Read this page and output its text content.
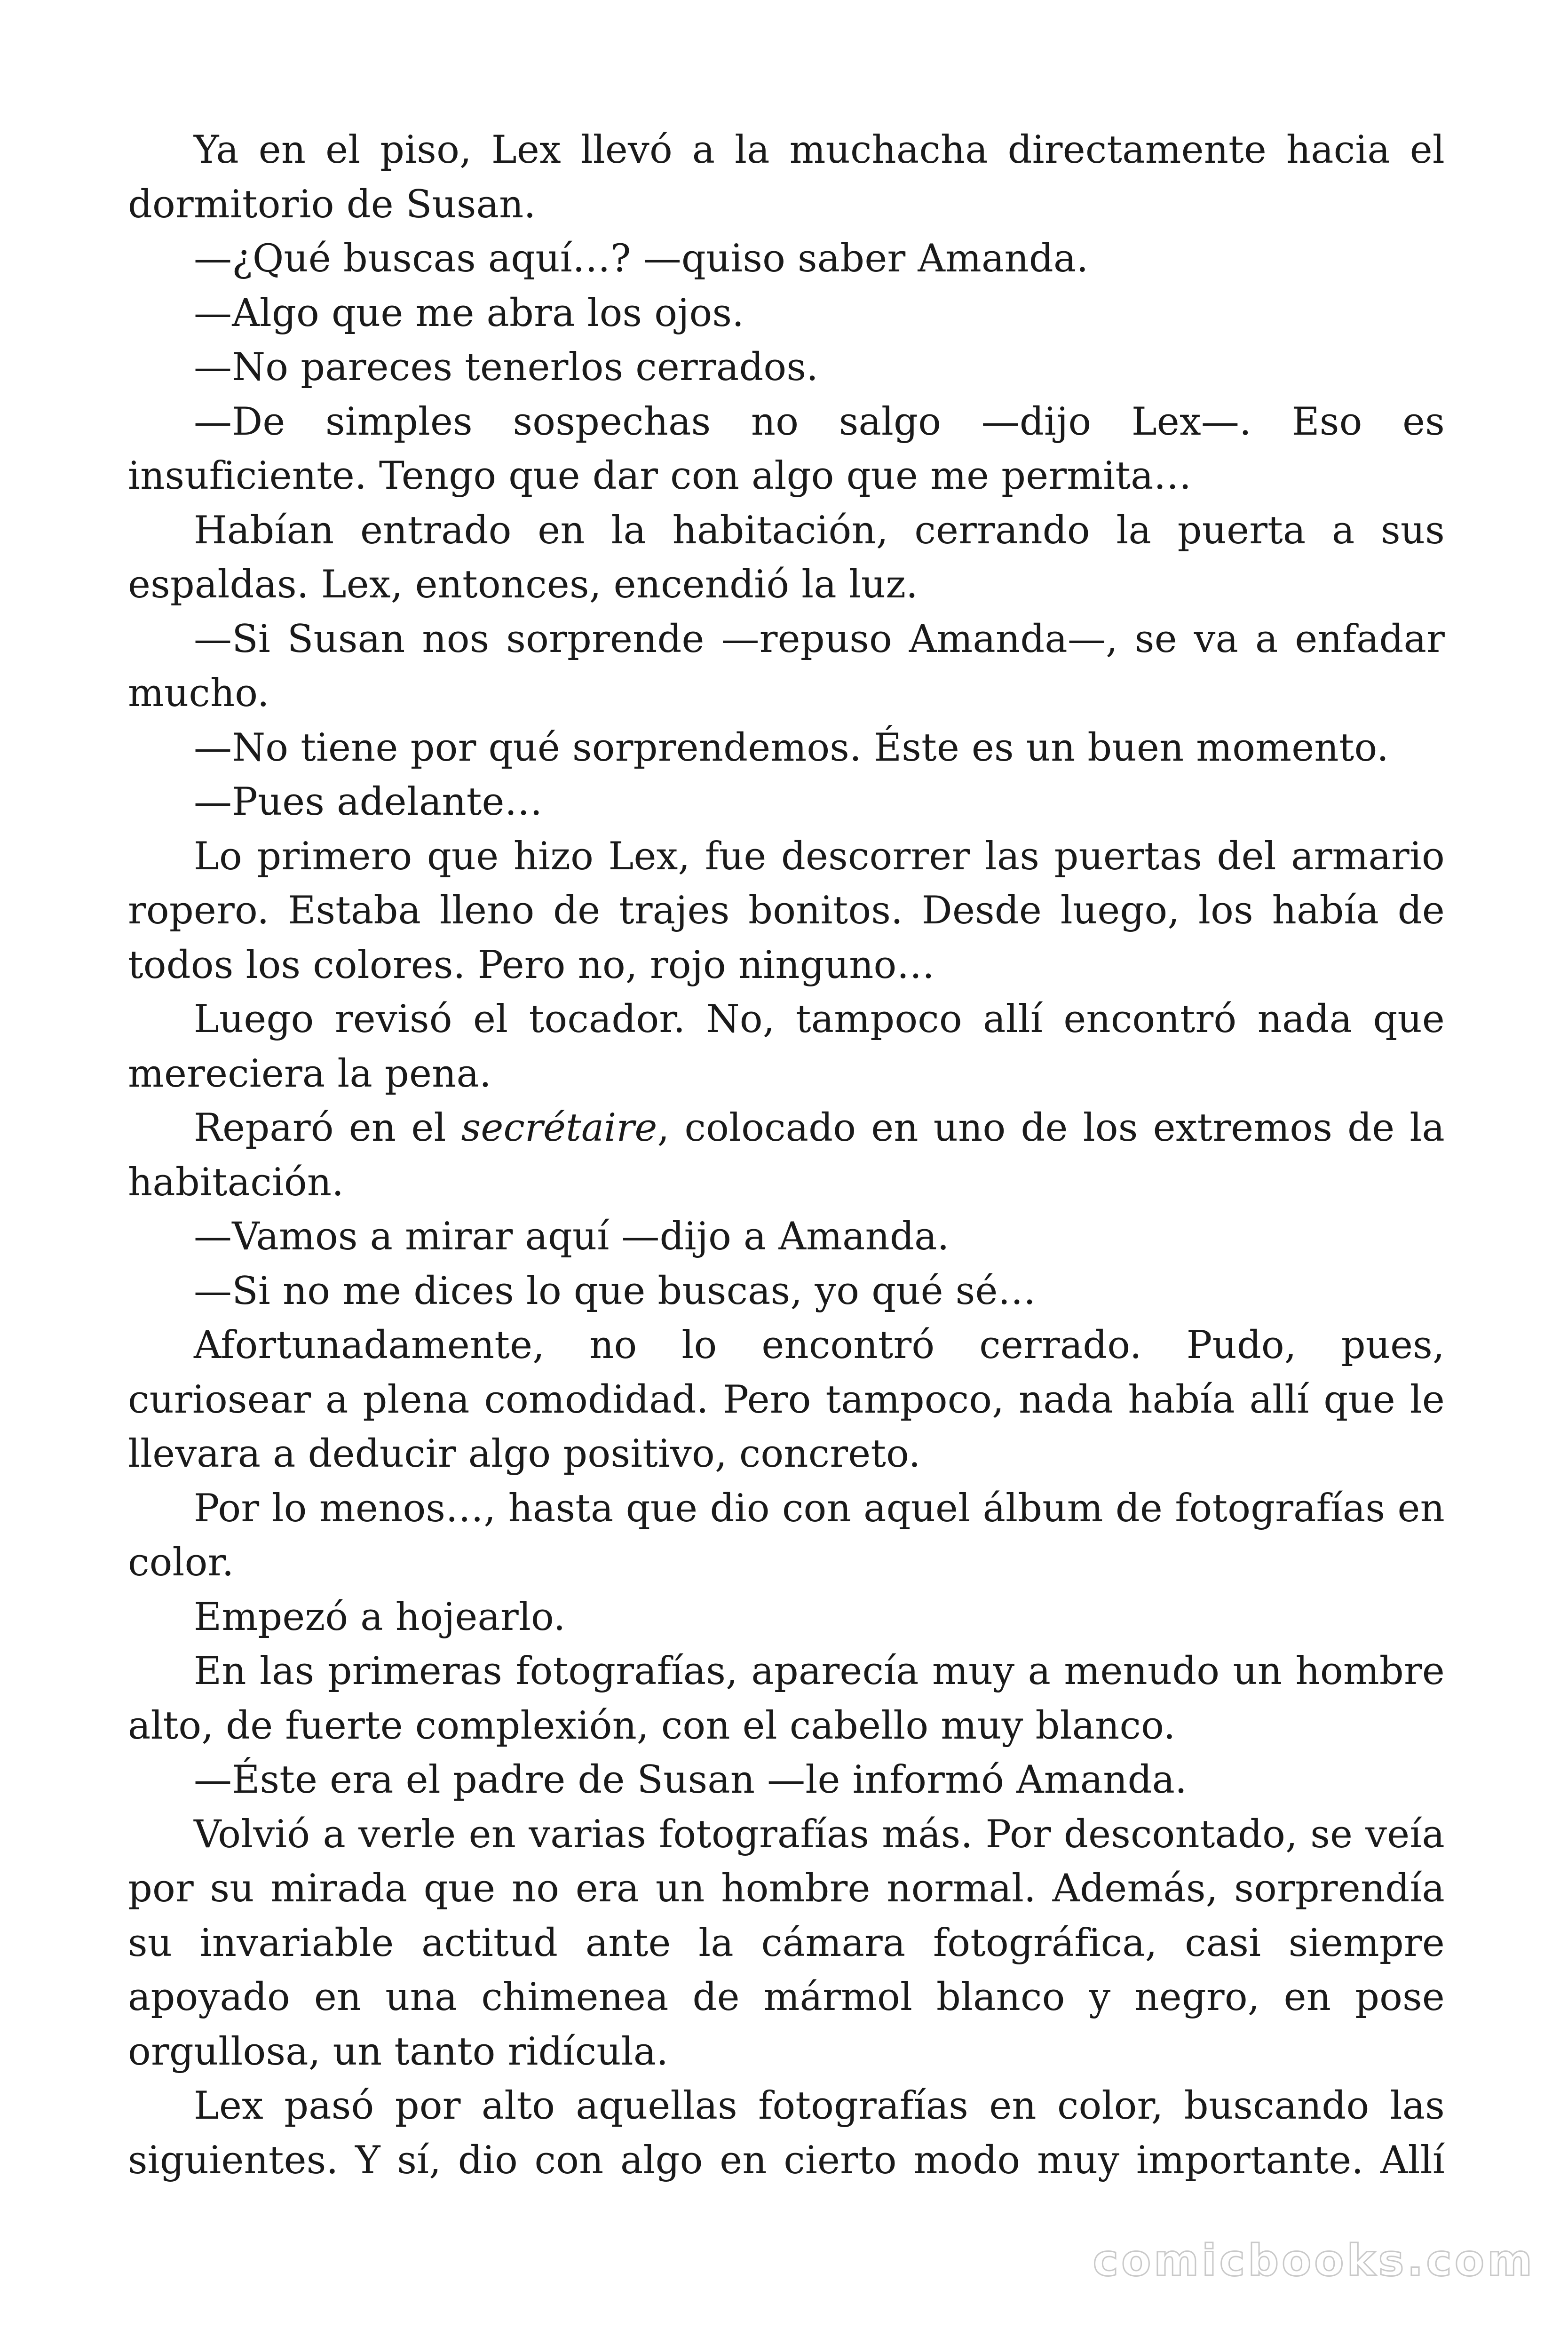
Ya en el piso, Lex llevó a la muchacha directamente hacia el dormitorio de Susan.

—¿Qué buscas aquí…? —quiso saber Amanda.

—Algo que me abra los ojos.

—No pareces tenerlos cerrados.

—De simples sospechas no salgo —dijo Lex—. Eso es insuficiente. Tengo que dar con algo que me permita…

Habían entrado en la habitación, cerrando la puerta a sus espaldas. Lex, entonces, encendió la luz.

—Si Susan nos sorprende —repuso Amanda—, se va a enfadar mucho.

—No tiene por qué sorprendemos. Éste es un buen momento.

—Pues adelante…

Lo primero que hizo Lex, fue descorrer las puertas del armario ropero. Estaba lleno de trajes bonitos. Desde luego, los había de todos los colores. Pero no, rojo ninguno…

Luego revisó el tocador. No, tampoco allí encontró nada que mereciera la pena.

Reparó en el secrétaire, colocado en uno de los extremos de la habitación.

—Vamos a mirar aquí —dijo a Amanda.

—Si no me dices lo que buscas, yo qué sé…

Afortunadamente, no lo encontró cerrado. Pudo, pues, curiosear a plena comodidad. Pero tampoco, nada había allí que le llevara a deducir algo positivo, concreto.

Por lo menos…, hasta que dio con aquel álbum de fotografías en color.

Empezó a hojearlo.

En las primeras fotografías, aparecía muy a menudo un hombre alto, de fuerte complexión, con el cabello muy blanco.

—Éste era el padre de Susan —le informó Amanda.

Volvió a verle en varias fotografías más. Por descontado, se veía por su mirada que no era un hombre normal. Además, sorprendía su invariable actitud ante la cámara fotográfica, casi siempre apoyado en una chimenea de mármol blanco y negro, en pose orgullosa, un tanto ridícula.

Lex pasó por alto aquellas fotografías en color, buscando las siguientes. Y sí, dio con algo en cierto modo muy importante. Allí

comicbooks.com
